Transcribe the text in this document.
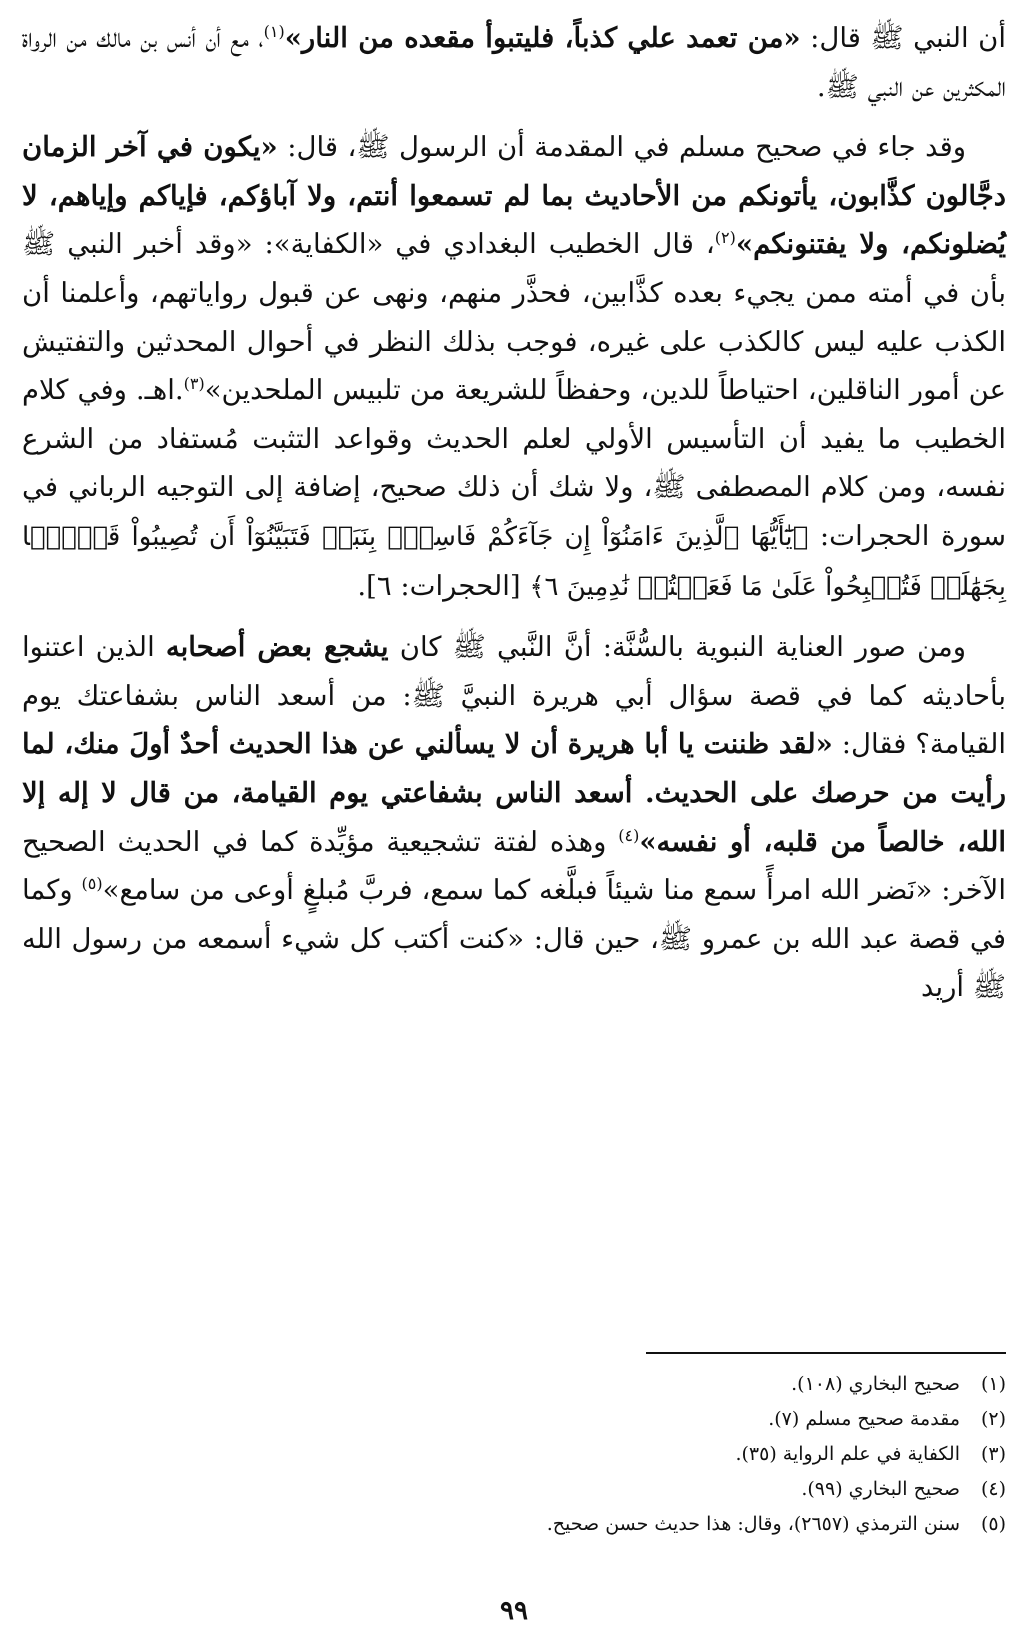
أن النبي ﷺ قال: «من تعمد علي كذباً، فليتبوأ مقعده من النار»$^{(١)}$، مع أن أنس بن مالك من الرواة المكثرين عن النبي ﷺ.

وقد جاء في صحيح مسلم في المقدمة أن الرسول ﷺ، قال: «يكون في آخر الزمان دجَّالون كذَّابون، يأتونكم من الأحاديث بما لم تسمعوا أنتم، ولا آباؤكم، فإياكم وإياهم، لا يُضلونكم، ولا يفتنونكم»$^{(٢)}$، قال الخطيب البغدادي في «الكفاية»: «وقد أخبر النبي ﷺ بأن في أمته ممن يجيء بعده كذَّابين، فحذَّر منهم، ونهى عن قبول رواياتهم، وأعلمنا أن الكذب عليه ليس كالكذب على غيره، فوجب بذلك النظر في أحوال المحدثين والتفتيش عن أمور الناقلين، احتياطاً للدين، وحفظاً للشريعة من تلبيس الملحدين»$^{(٣)}$.اهـ. وفي كلام الخطيب ما يفيد أن التأسيس الأولي لعلم الحديث وقواعد التثبت مُستفاد من الشرع نفسه، ومن كلام المصطفى ﷺ، ولا شك أن ذلك صحيح، إضافة إلى التوجيه الرباني في سورة الحجرات: ﴿يَٰٓأَيُّهَا ٱلَّذِينَ ءَامَنُوٓاْ إِن جَآءَكُمْ فَاسِقُۢ بِنَبَإٖ فَتَبَيَّنُوٓاْ أَن تُصِيبُواْ قَوۡمَۢا بِجَهَٰلَةٖ فَتُصۡبِحُواْ عَلَىٰ مَا فَعَلۡتُمۡ نَٰدِمِينَ ٦﴾ [الحجرات: ٦].

ومن صور العناية النبوية بالسُّنَّة: أنَّ النَّبي ﷺ كان يشجع بعض أصحابه الذين اعتنوا بأحاديثه كما في قصة سؤال أبي هريرة النبيَّ ﷺ: من أسعد الناس بشفاعتك يوم القيامة؟ فقال: «لقد ظننت يا أبا هريرة أن لا يسألني عن هذا الحديث أحدٌ أولَ منك، لما رأيت من حرصك على الحديث. أسعد الناس بشفاعتي يوم القيامة، من قال لا إله إلا الله، خالصاً من قلبه، أو نفسه»$^{(٤)}$ وهذه لفتة تشجيعية مؤيِّدة كما في الحديث الصحيح الآخر: «نَضر الله امرأً سمع منا شيئاً فبلَّغه كما سمع، فربَّ مُبلغٍ أوعى من سامع»$^{(٥)}$ وكما في قصة عبد الله بن عمرو ﷺ، حين قال: «كنت أكتب كل شيء أسمعه من رسول الله ﷺ أريد

(١)صحيح البخاري (١٠٨).
(٢)مقدمة صحيح مسلم (٧).
(٣)الكفاية في علم الرواية (٣٥).
(٤)صحيح البخاري (٩٩).
(٥)سنن الترمذي (٢٦٥٧)، وقال: هذا حديث حسن صحيح.
٩٩
